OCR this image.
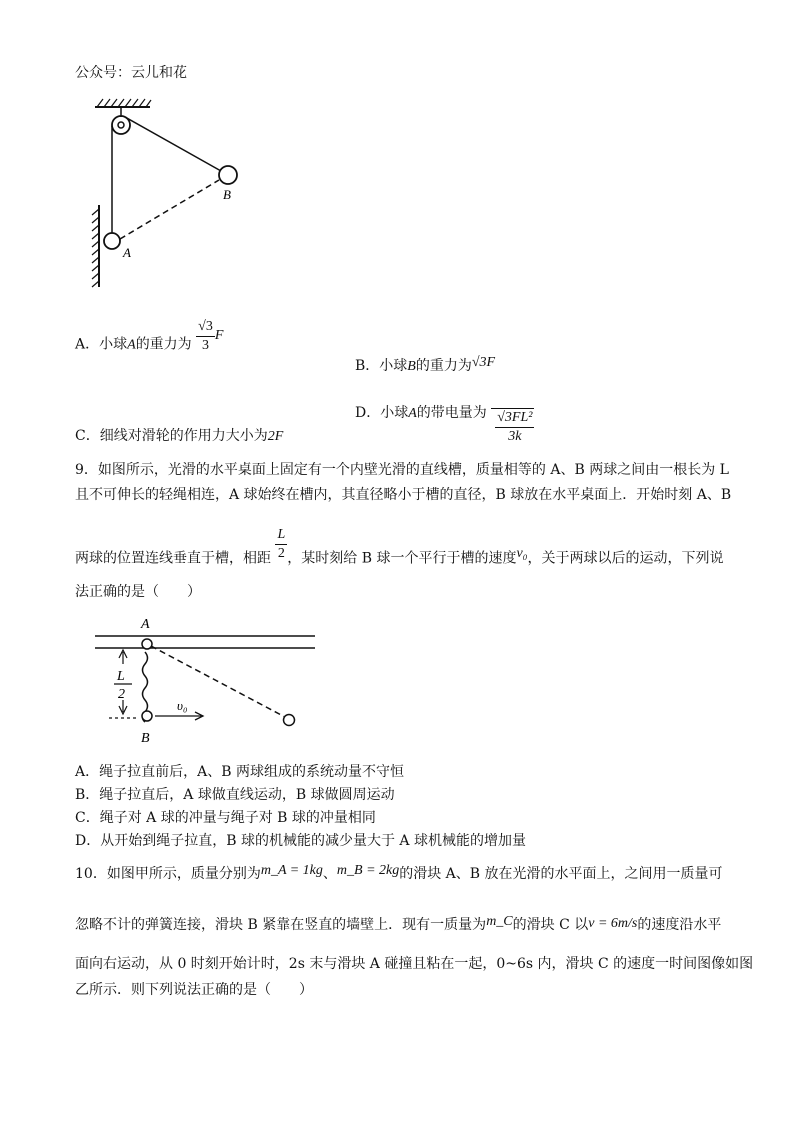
公众号：云儿和花
A
B
A．小球A的重力为 $\frac{√3}{3}$ F
B．小球B的重力为√3F
C．细线对滑轮的作用力大小为2F
D．小球A的带电量为 $\frac{\text{√3FL²}}{3k}$
9．如图所示，光滑的水平桌面上固定有一个内壁光滑的直线槽，质量相等的 A、B 两球之间由一根长为 L
且不可伸长的轻绳相连，A 球始终在槽内，其直径略小于槽的直径，B 球放在水平桌面上．开始时刻 A、B
两球的位置连线垂直于槽，相距 $\frac{L}{2}$ ，某时刻给 B 球一个平行于槽的速度v₀，关于两球以后的运动，下列说
法正确的是（　　）
L
2
υ₀
A
B
A．绳子拉直前后，A、B 两球组成的系统动量不守恒
B．绳子拉直后，A 球做直线运动，B 球做圆周运动
C．绳子对 A 球的冲量与绳子对 B 球的冲量相同
D．从开始到绳子拉直，B 球的机械能的减少量大于 A 球机械能的增加量
10．如图甲所示，质量分别为m_A = 1kg、m_B = 2kg的滑块 A、B 放在光滑的水平面上，之间用一质量可
忽略不计的弹簧连接，滑块 B 紧靠在竖直的墙壁上．现有一质量为m_C的滑块 C 以v = 6m/s的速度沿水平
面向右运动，从 0 时刻开始计时，2s 末与滑块 A 碰撞且粘在一起，0~6s 内，滑块 C 的速度一时间图像如图
乙所示．则下列说法正确的是（　　）
